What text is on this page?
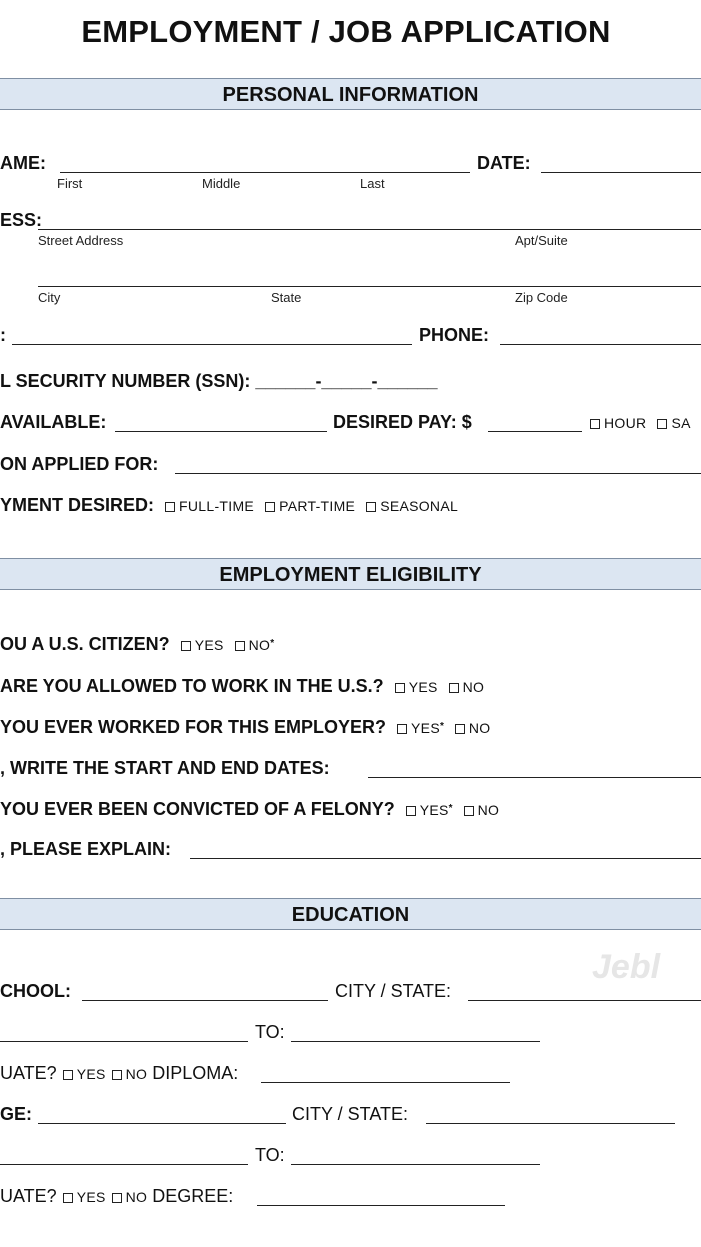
EMPLOYMENT / JOB APPLICATION
PERSONAL INFORMATION
AME:
First	Middle	Last
DATE:
ESS:
Street Address	Apt/Suite
City	State	Zip Code
:	PHONE:
L SECURITY NUMBER (SSN): ______-_____-______
AVAILABLE:	DESIRED PAY: $	HOUR SA
ON APPLIED FOR:
YMENT DESIRED: FULL-TIME PART-TIME SEASONAL
EMPLOYMENT ELIGIBILITY
OU A U.S. CITIZEN? YES NO*
ARE YOU ALLOWED TO WORK IN THE U.S.? YES NO
YOU EVER WORKED FOR THIS EMPLOYER? YES* NO
, WRITE THE START AND END DATES:
YOU EVER BEEN CONVICTED OF A FELONY? YES* NO
, PLEASE EXPLAIN:
EDUCATION
Jebl
CHOOL:	CITY / STATE:
TO:
UATE? YES NO DIPLOMA:
GE:	CITY / STATE:
TO:
UATE? YES NO DEGREE:
